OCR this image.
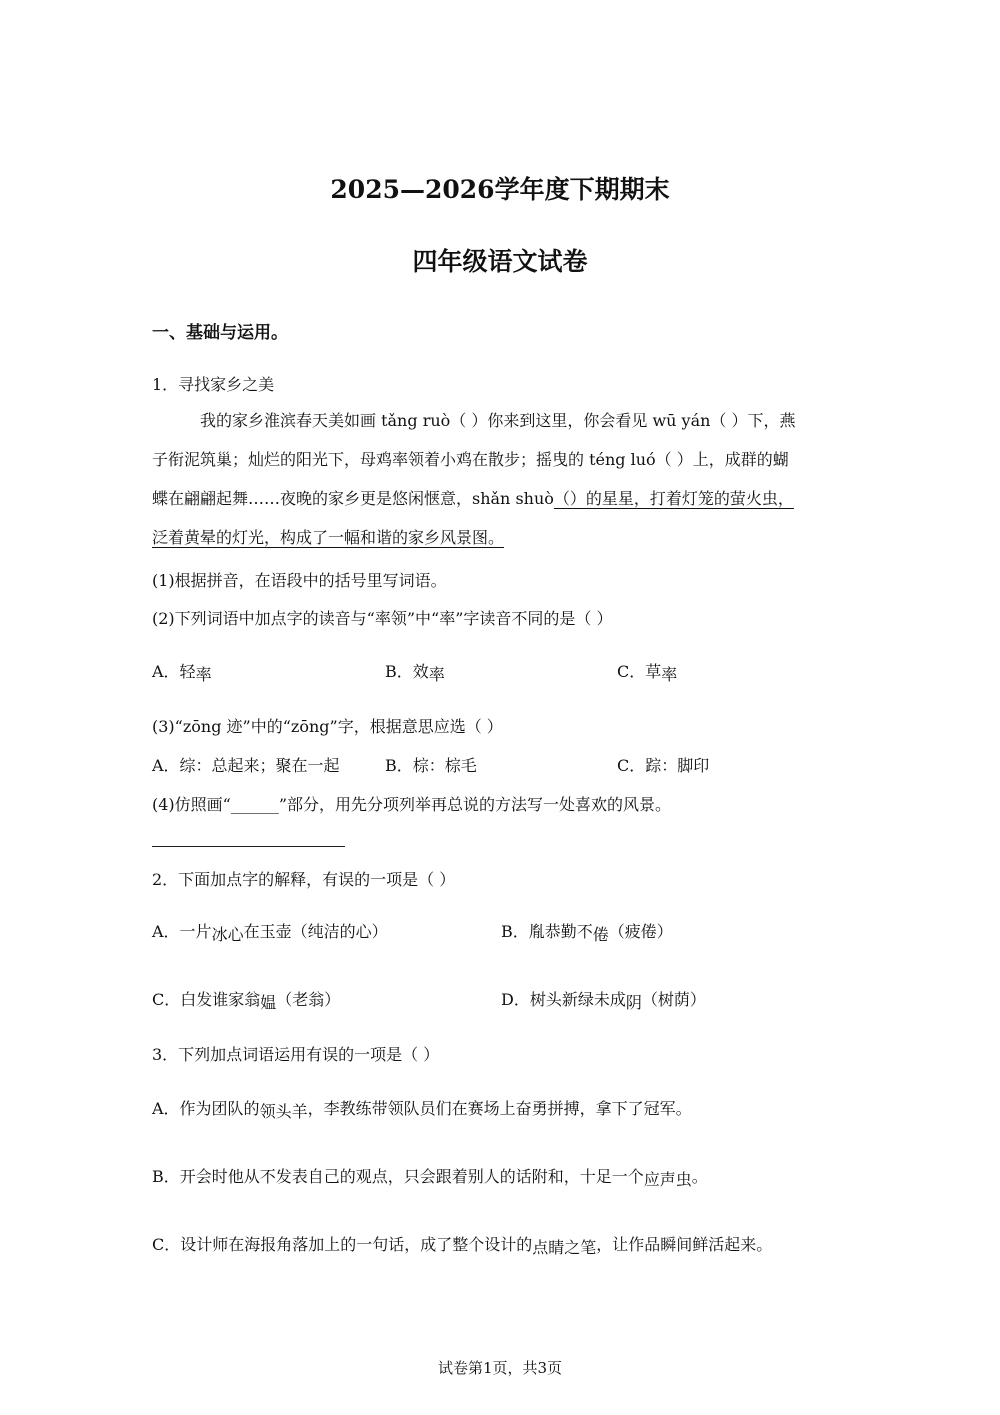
2025—2026学年度下期期末
四年级语文试卷
一、基础与运用。
1．寻找家乡之美
我的家乡淮滨春天美如画 tǎng ruò（ ）你来到这里，你会看见 wū yán（ ）下，燕
子衔泥筑巢；灿烂的阳光下，母鸡率领着小鸡在散步；摇曳的 téng luó（ ）上，成群的蝴
蝶在翩翩起舞……夜晚的家乡更是悠闲惬意，shǎn shuò（）的星星，打着灯笼的萤火虫，
泛着黄晕的灯光，构成了一幅和谐的家乡风景图。
(1)根据拼音，在语段中的括号里写词语。
(2)下列词语中加点字的读音与“率领”中“率”字读音不同的是（ ）
A．轻率	B．效率	C．草率
(3)“zōng 迹”中的“zōng”字，根据意思应选（ ）
A．综：总起来；聚在一起	B．棕：棕毛	C．踪：脚印
(4)仿照画“______”部分，用先分项列举再总说的方法写一处喜欢的风景。
2．下面加点字的解释，有误的一项是（ ）
A．一片冰心在玉壶（纯洁的心）	B．胤恭勤不倦（疲倦）
C．白发谁家翁媪（老翁）	D．树头新绿未成阴（树荫）
3．下列加点词语运用有误的一项是（ ）
A．作为团队的领头羊，李教练带领队员们在赛场上奋勇拼搏，拿下了冠军。
B．开会时他从不发表自己的观点，只会跟着别人的话附和，十足一个应声虫。
C．设计师在海报角落加上的一句话，成了整个设计的点睛之笔，让作品瞬间鲜活起来。
试卷第1页，共3页
